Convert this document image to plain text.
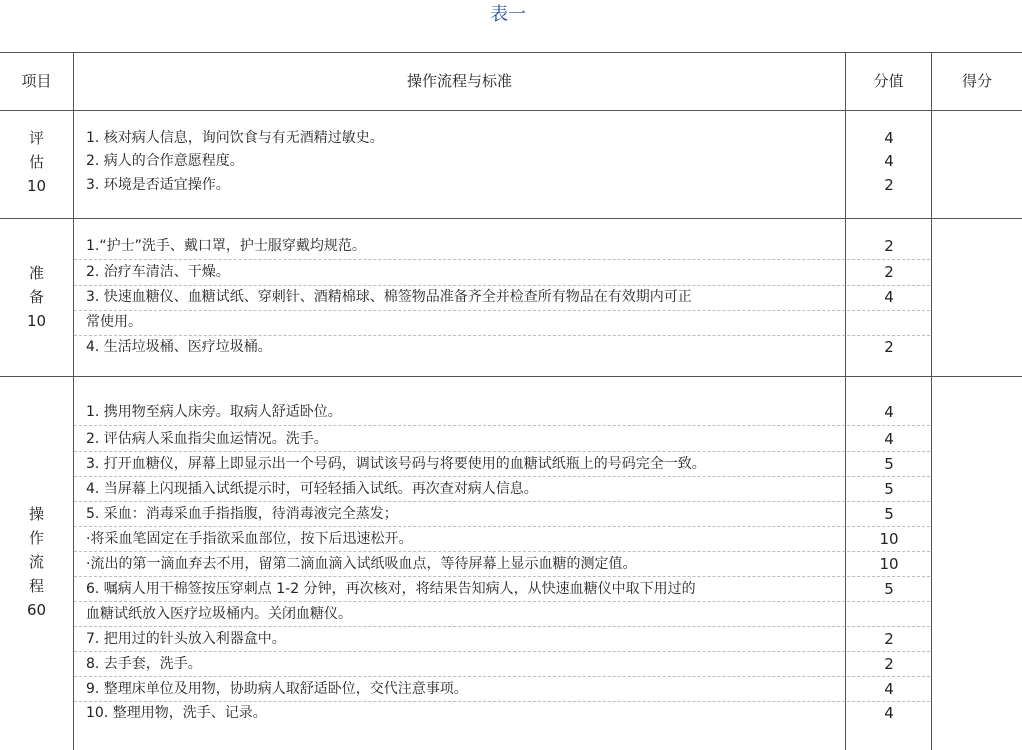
表一
项目	操作流程与标准	分值	得分
评
估
10
1. 核对病人信息，询问饮食与有无酒精过敏史。	4
2. 病人的合作意愿程度。	4
3. 环境是否适宜操作。	2
准
备
10
1.“护士”洗手、戴口罩，护士服穿戴均规范。	2
2. 治疗车清洁、干燥。	2
3. 快速血糖仪、血糖试纸、穿刺针、酒精棉球、棉签物品准备齐全并检查所有物品在有效期内可正	4
常使用。
4. 生活垃圾桶、医疗垃圾桶。	2
操
作
流
程
60
1. 携用物至病人床旁。取病人舒适卧位。	4
2. 评估病人采血指尖血运情况。洗手。	4
3. 打开血糖仪，屏幕上即显示出一个号码，调试该号码与将要使用的血糖试纸瓶上的号码完全一致。	5
4. 当屏幕上闪现插入试纸提示时，可轻轻插入试纸。再次查对病人信息。	5
5. 采血：消毒采血手指指腹，待消毒液完全蒸发；	5
·将采血笔固定在手指欲采血部位，按下后迅速松开。	10
·流出的第一滴血弃去不用，留第二滴血滴入试纸吸血点，等待屏幕上显示血糖的测定值。	10
6. 嘱病人用干棉签按压穿刺点 1-2 分钟，再次核对，将结果告知病人，从快速血糖仪中取下用过的	5
血糖试纸放入医疗垃圾桶内。关闭血糖仪。
7. 把用过的针头放入利器盒中。	2
8. 去手套，洗手。	2
9. 整理床单位及用物，协助病人取舒适卧位，交代注意事项。	4
10. 整理用物，洗手、记录。	4
